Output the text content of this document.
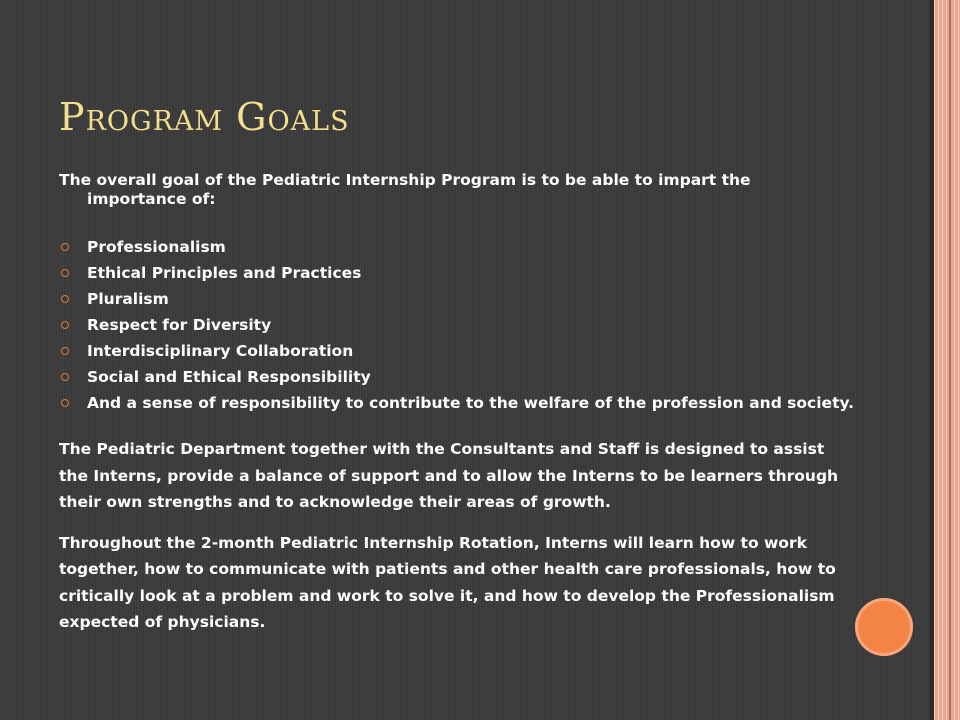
Program Goals

The overall goal of the Pediatric Internship Program is to be able to impart the importance of:

Professionalism
Ethical Principles and Practices
Pluralism
Respect for Diversity
Interdisciplinary Collaboration
Social and Ethical Responsibility
And a sense of responsibility to contribute to the welfare of the profession and society.

The Pediatric Department together with the Consultants and Staff is designed to assist the Interns, provide a balance of support and to allow the Interns to be learners through their own strengths and to acknowledge their areas of growth.

Throughout the 2-month Pediatric Internship Rotation, Interns will learn how to work together, how to communicate with patients and other health care professionals, how to critically look at a problem and work to solve it, and how to develop the Professionalism expected of physicians.
